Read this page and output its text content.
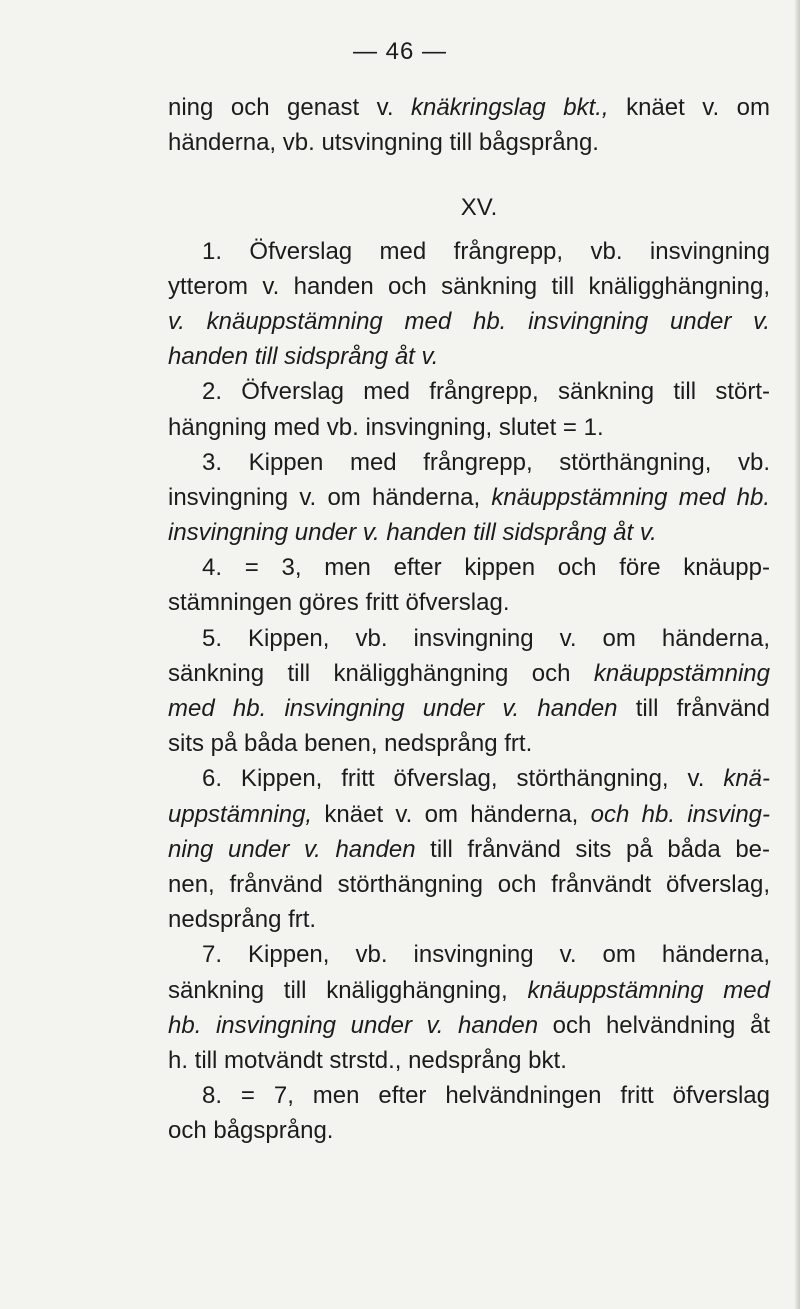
— 46 —
ning och genast v. knäkringslag bkt., knäet v. om
händerna, vb. utsvingning till bågsprång.
XV.
1. Öfverslag med frångrepp, vb. insvingning
ytterom v. handen och sänkning till knäligghängning,
v. knäuppstämning med hb. insvingning under v.
handen till sidsprång åt v.
2. Öfverslag med frångrepp, sänkning till stört-
hängning med vb. insvingning, slutet = 1.
3. Kippen med frångrepp, störthängning, vb.
insvingning v. om händerna, knäuppstämning med hb.
insvingning under v. handen till sidsprång åt v.
4. = 3, men efter kippen och före knäupp-
stämningen göres fritt öfverslag.
5. Kippen, vb. insvingning v. om händerna,
sänkning till knäligghängning och knäuppstämning
med hb. insvingning under v. handen till frånvänd
sits på båda benen, nedsprång frt.
6. Kippen, fritt öfverslag, störthängning, v. knä-
uppstämning, knäet v. om händerna, och hb. insving-
ning under v. handen till frånvänd sits på båda be-
nen, frånvänd störthängning och frånvändt öfverslag,
nedsprång frt.
7. Kippen, vb. insvingning v. om händerna,
sänkning till knäligghängning, knäuppstämning med
hb. insvingning under v. handen och helvändning åt
h. till motvändt strstd., nedsprång bkt.
8. = 7, men efter helvändningen fritt öfverslag
och bågsprång.
